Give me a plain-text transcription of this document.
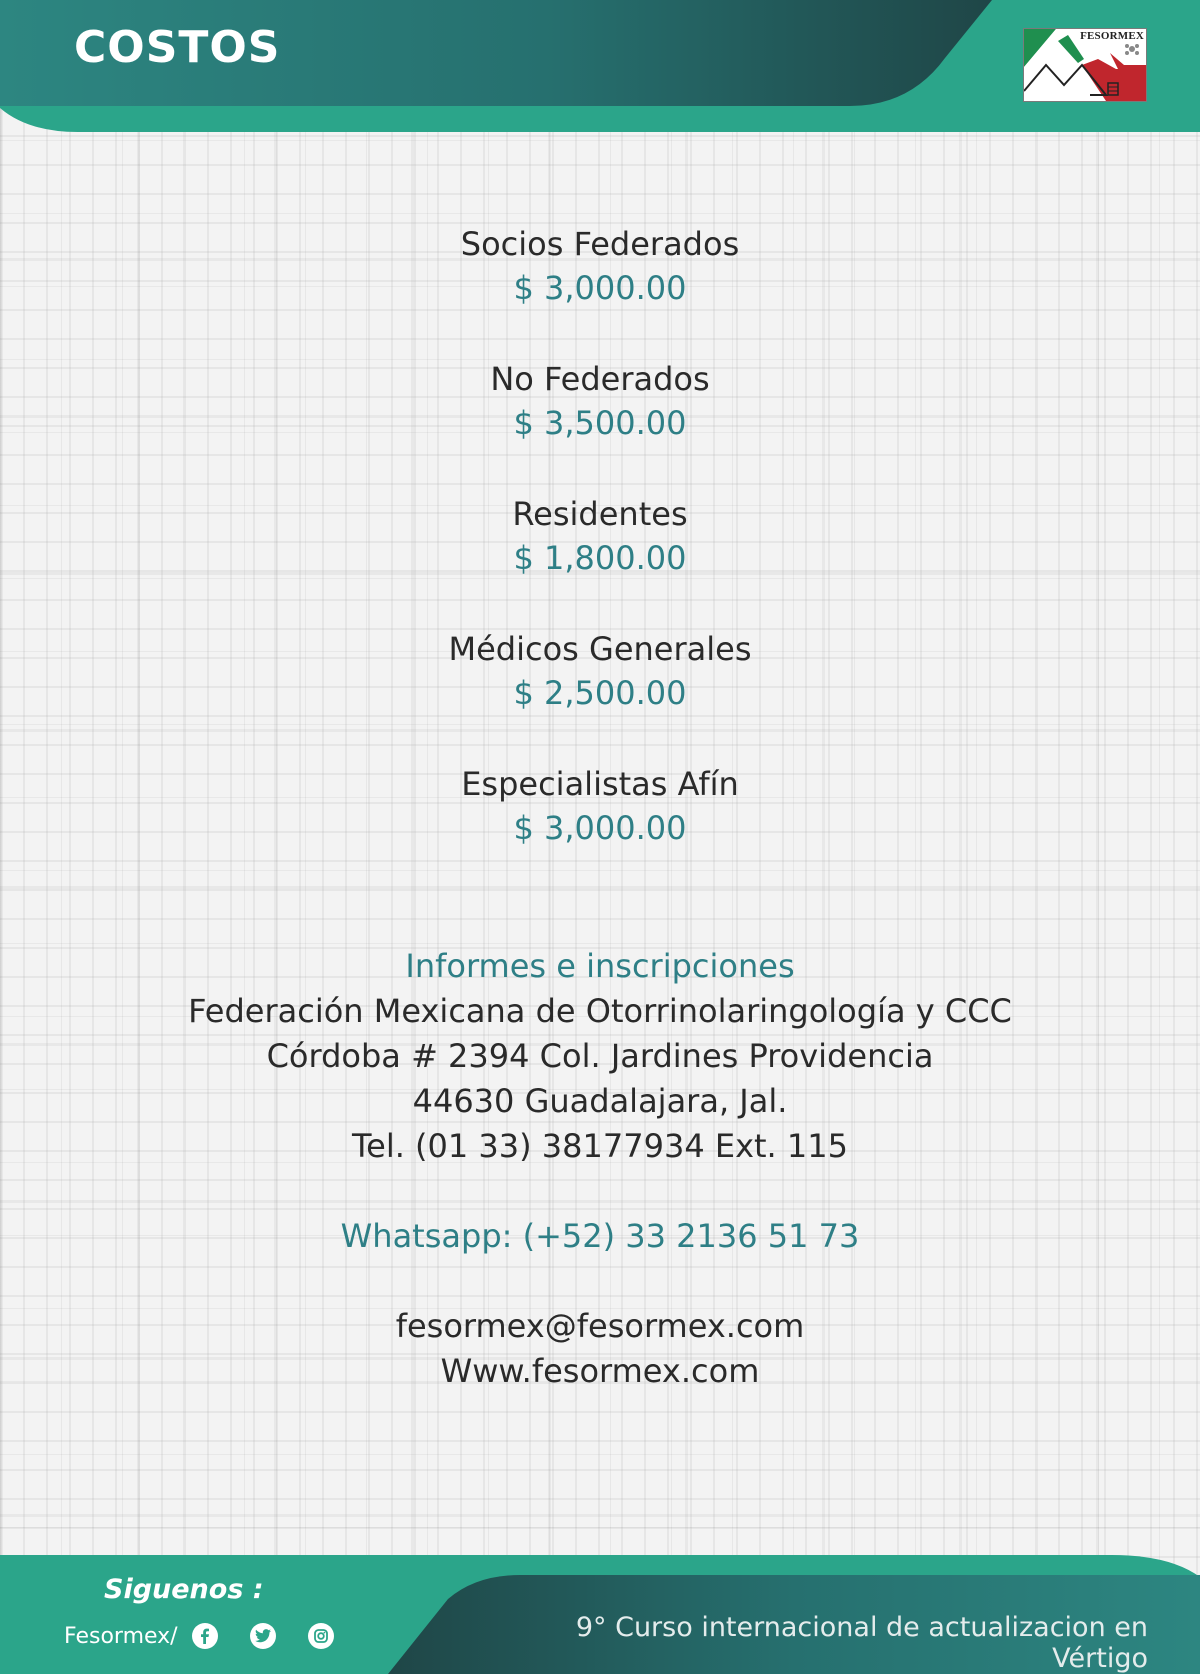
COSTOS	FESORMEX
Socios Federados
$ 3,000.00
No Federados
$ 3,500.00
Residentes
$ 1,800.00
Médicos Generales
$ 2,500.00
Especialistas Afín
$ 3,000.00
Informes e inscripciones
Federación Mexicana de Otorrinolaringología y CCC
Córdoba # 2394 Col. Jardines Providencia
44630 Guadalajara, Jal.
Tel. (01 33) 38177934 Ext. 115
Whatsapp: (+52) 33 2136 51 73
fesormex@fesormex.com
Www.fesormex.com
Siguenos :
Fesormex/	9° Curso internacional de actualizacion en Vértigo
